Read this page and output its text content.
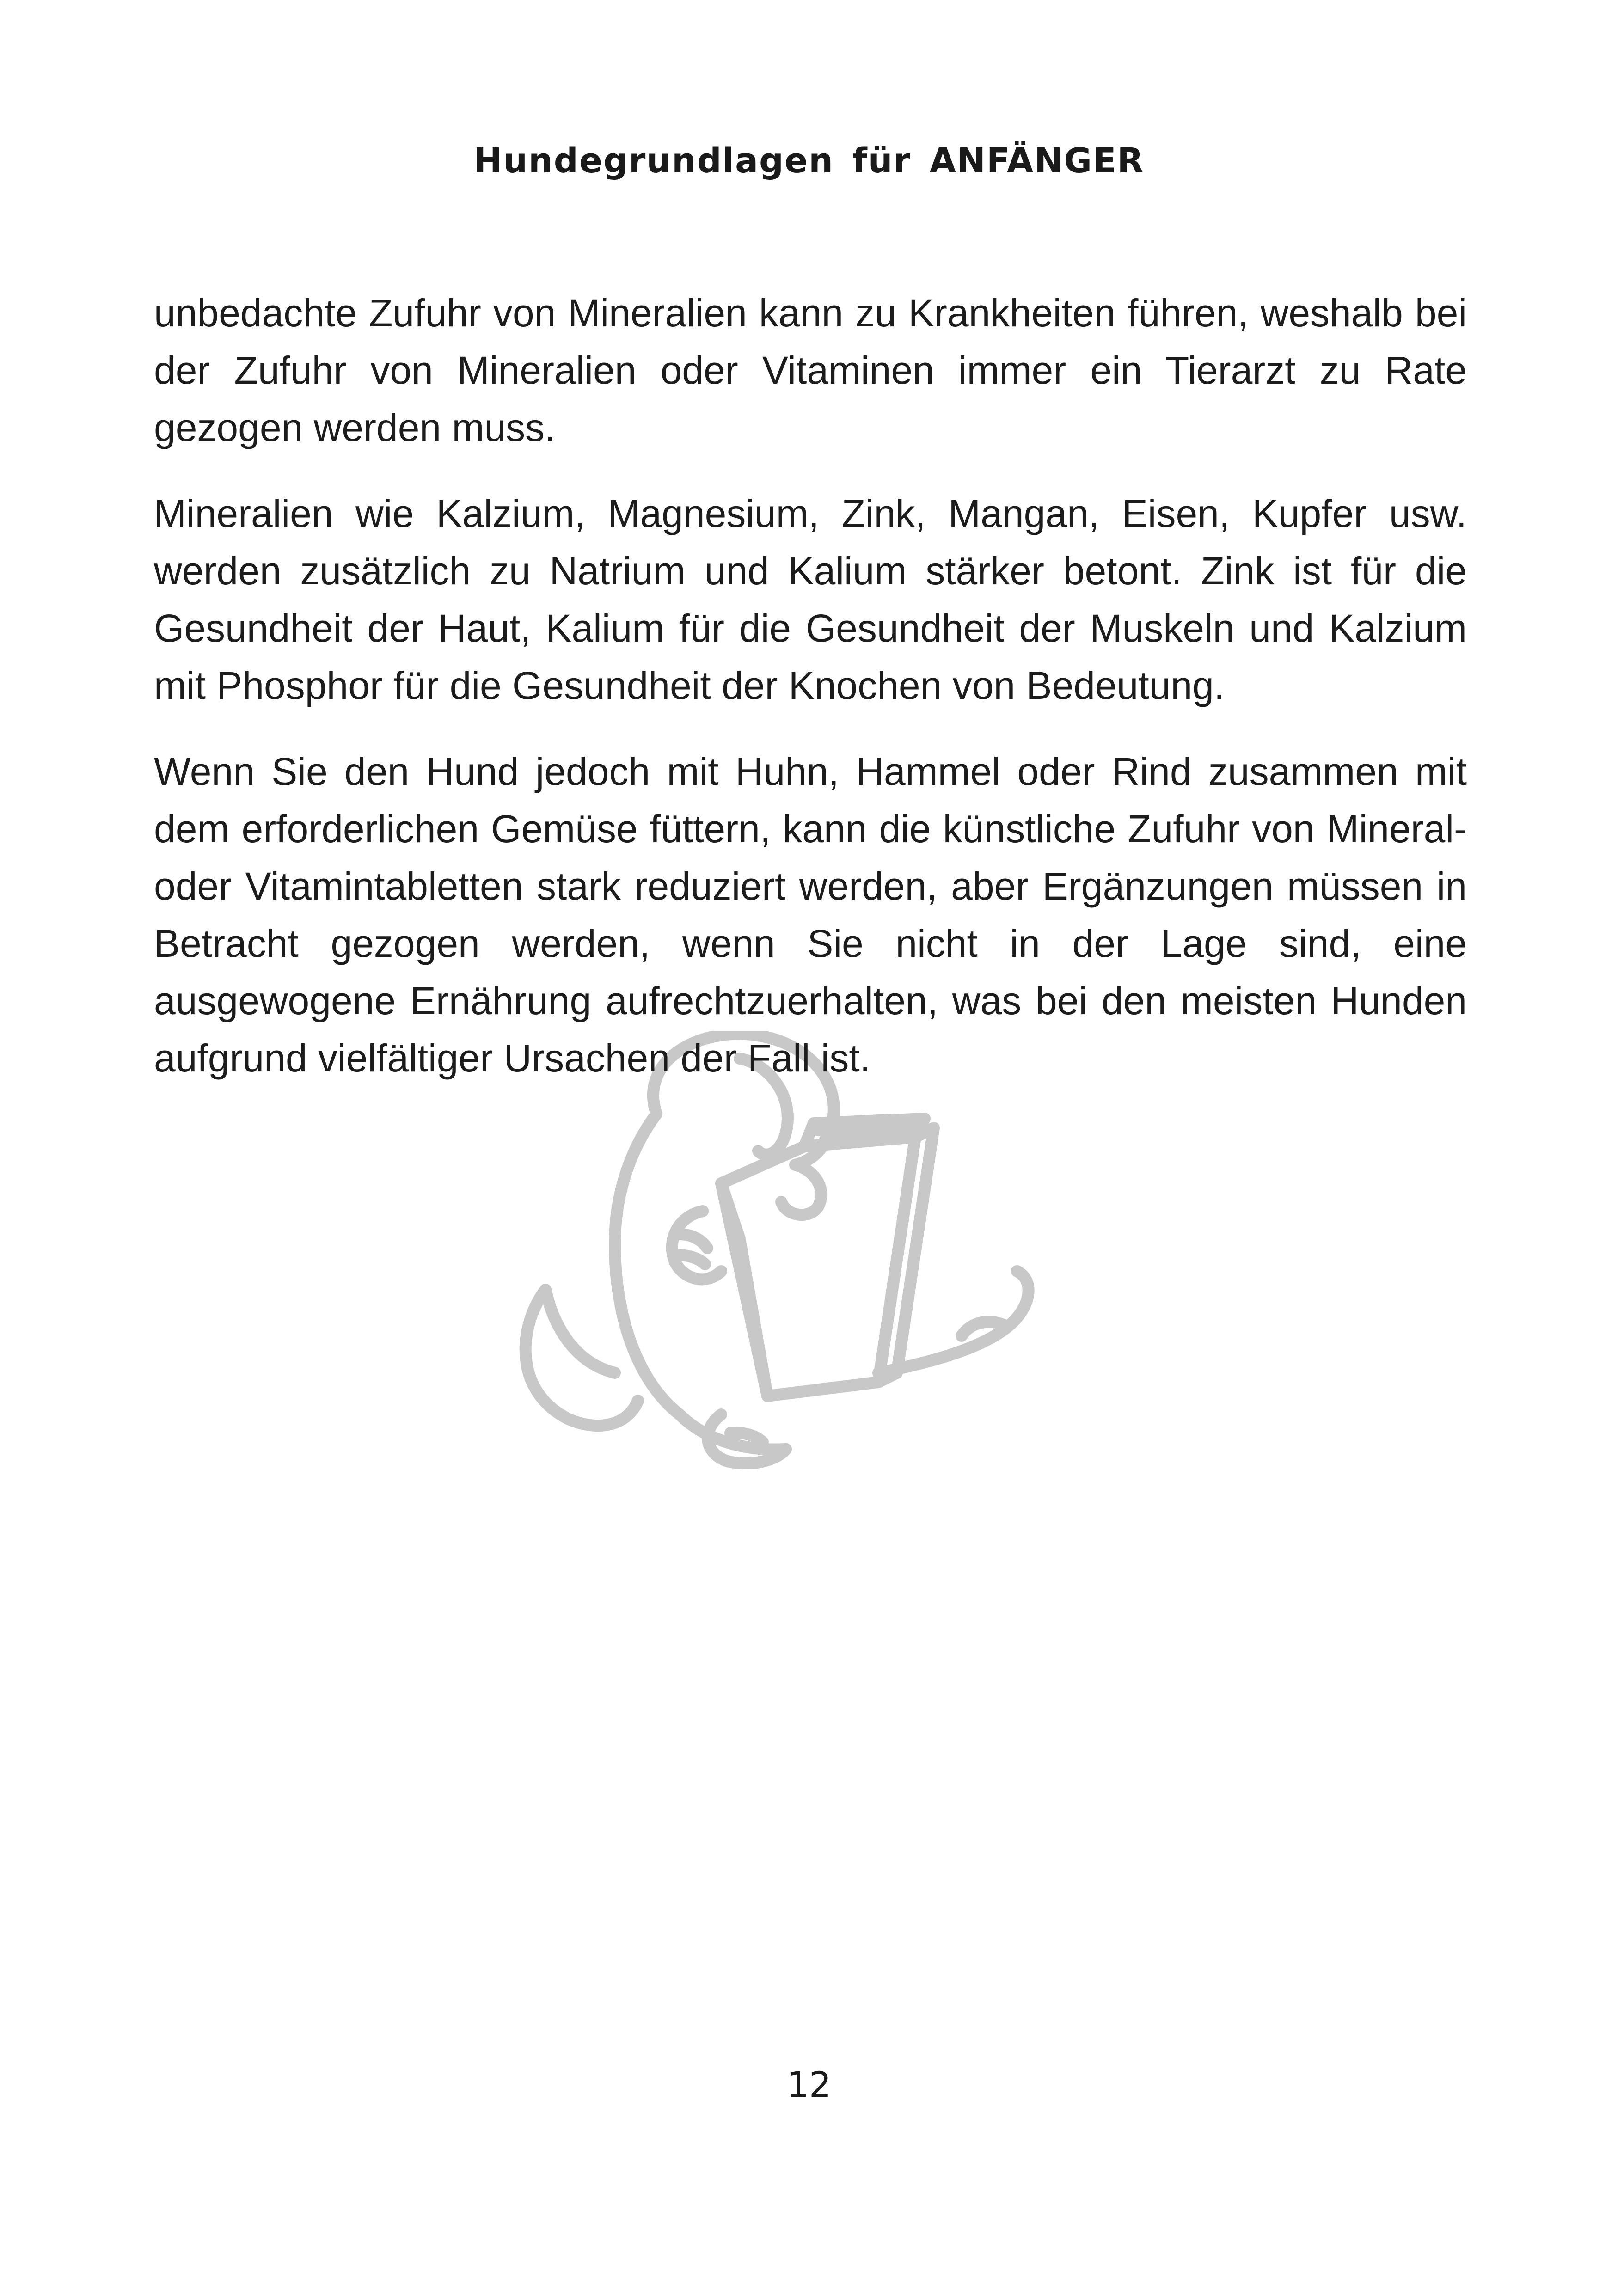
Hundegrundlagen für ANFÄNGER

unbedachte Zufuhr von Mineralien kann zu Krankheiten führen, weshalb bei der Zufuhr von Mineralien oder Vitaminen immer ein Tierarzt zu Rate gezogen werden muss.

Mineralien wie Kalzium, Magnesium, Zink, Mangan, Eisen, Kupfer usw. werden zusätzlich zu Natrium und Kalium stärker betont. Zink ist für die Gesundheit der Haut, Kalium für die Gesundheit der Muskeln und Kalzium mit Phosphor für die Gesundheit der Knochen von Bedeutung.

Wenn Sie den Hund jedoch mit Huhn, Hammel oder Rind zusammen mit dem erforderlichen Gemüse füttern, kann die künstliche Zufuhr von Mineral- oder Vitamintabletten stark reduziert werden, aber Ergänzungen müssen in Betracht gezogen werden, wenn Sie nicht in der Lage sind, eine ausgewogene Ernährung aufrechtzuerhalten, was bei den meisten Hunden aufgrund vielfältiger Ursachen der Fall ist.

12
